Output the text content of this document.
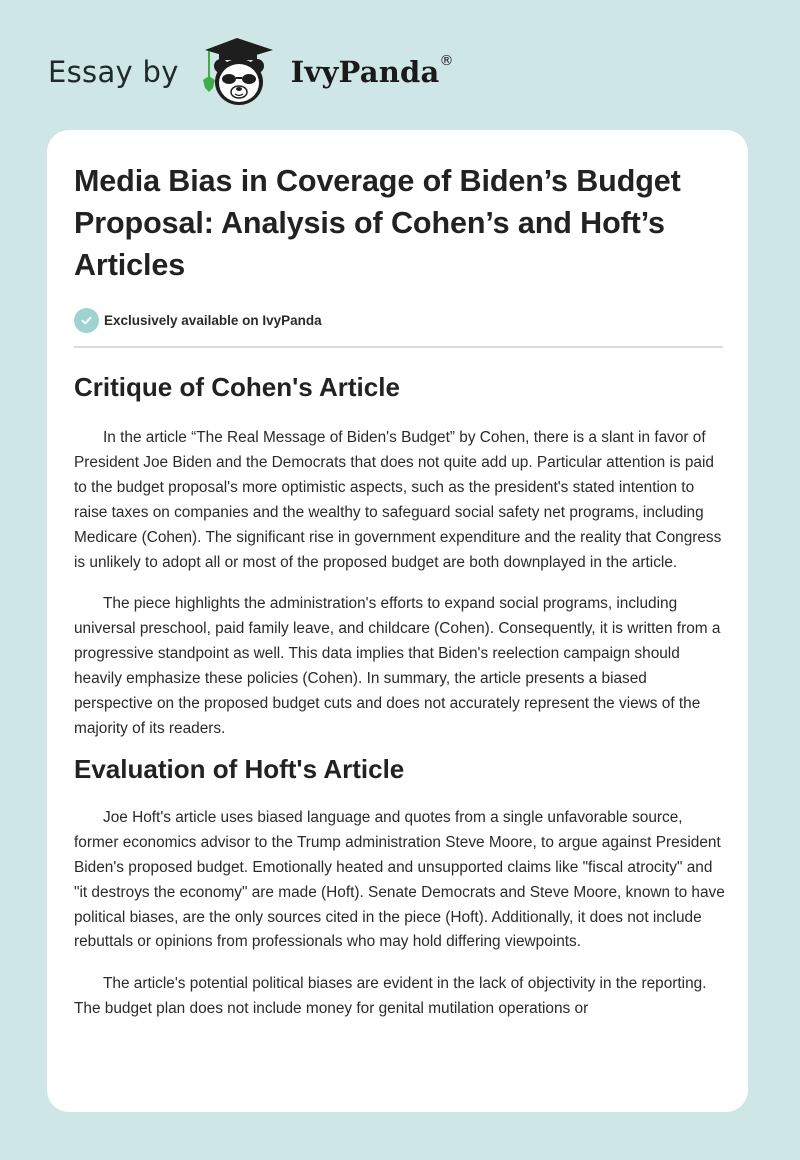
Essay by	IvyPanda®
Media Bias in Coverage of Biden’s Budget Proposal: Analysis of Cohen’s and Hoft’s Articles
Exclusively available on IvyPanda
Critique of Cohen's Article

In the article “The Real Message of Biden's Budget” by Cohen, there is a slant in favor of President Joe Biden and the Democrats that does not quite add up. Particular attention is paid to the budget proposal's more optimistic aspects, such as the president's stated intention to raise taxes on companies and the wealthy to safeguard social safety net programs, including Medicare (Cohen). The significant rise in government expenditure and the reality that Congress is unlikely to adopt all or most of the proposed budget are both downplayed in the article.

The piece highlights the administration's efforts to expand social programs, including universal preschool, paid family leave, and childcare (Cohen). Consequently, it is written from a progressive standpoint as well. This data implies that Biden's reelection campaign should heavily emphasize these policies (Cohen). In summary, the article presents a biased perspective on the proposed budget cuts and does not accurately represent the views of the majority of its readers.

Evaluation of Hoft's Article

Joe Hoft's article uses biased language and quotes from a single unfavorable source, former economics advisor to the Trump administration Steve Moore, to argue against President Biden's proposed budget. Emotionally heated and unsupported claims like "fiscal atrocity" and "it destroys the economy" are made (Hoft). Senate Democrats and Steve Moore, known to have political biases, are the only sources cited in the piece (Hoft). Additionally, it does not include rebuttals or opinions from professionals who may hold differing viewpoints.

The article's potential political biases are evident in the lack of objectivity in the reporting. The budget plan does not include money for genital mutilation operations or
